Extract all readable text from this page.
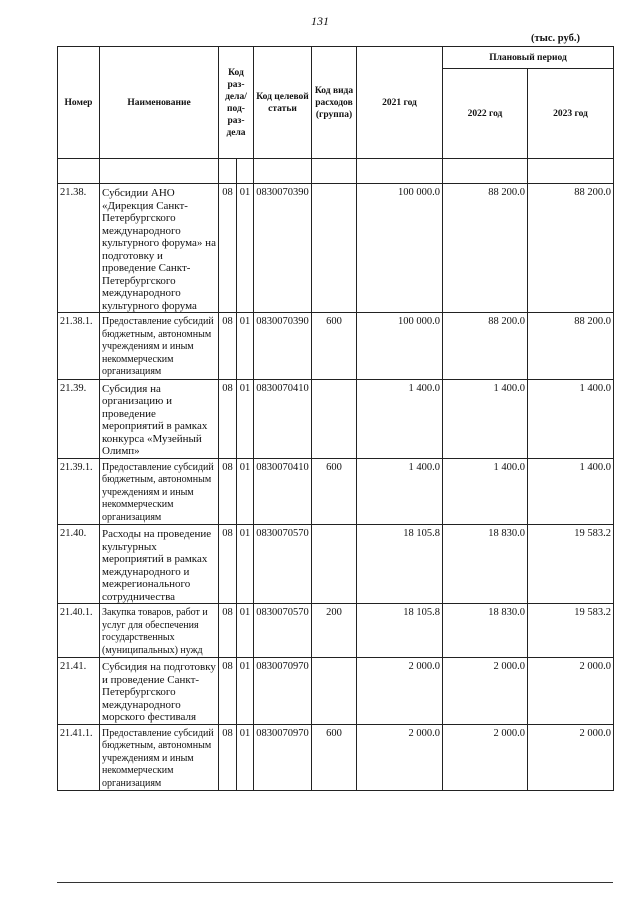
131
(тыс. руб.)
Номер	Наименование	Код раз-дела/ под-раз-дела		Код целевой статьи	Код вида расходов (группа)	2021 год	Плановый период	
							2022 год	2023 год

21.38.	Субсидии АНО «Дирекция Санкт-Петербургского международного культурного форума» на подготовку и проведение Санкт-Петербургского международного культурного форума	08	01	0830070390		100 000.0	88 200.0	88 200.0
21.38.1.	Предоставление субсидий бюджетным, автономным учреждениям и иным некоммерческим организациям	08	01	0830070390	600	100 000.0	88 200.0	88 200.0
21.39.	Субсидия на организацию и проведение мероприятий в рамках конкурса «Музейный Олимп»	08	01	0830070410		1 400.0	1 400.0	1 400.0
21.39.1.	Предоставление субсидий бюджетным, автономным учреждениям и иным некоммерческим организациям	08	01	0830070410	600	1 400.0	1 400.0	1 400.0
21.40.	Расходы на проведение культурных мероприятий в рамках международного и межрегионального сотрудничества	08	01	0830070570		18 105.8	18 830.0	19 583.2
21.40.1.	Закупка товаров, работ и услуг для обеспечения государственных (муниципальных) нужд	08	01	0830070570	200	18 105.8	18 830.0	19 583.2
21.41.	Субсидия на подготовку и проведение Санкт-Петербургского международного морского фестиваля	08	01	0830070970		2 000.0	2 000.0	2 000.0
21.41.1.	Предоставление субсидий бюджетным, автономным учреждениям и иным некоммерческим организациям	08	01	0830070970	600	2 000.0	2 000.0	2 000.0
